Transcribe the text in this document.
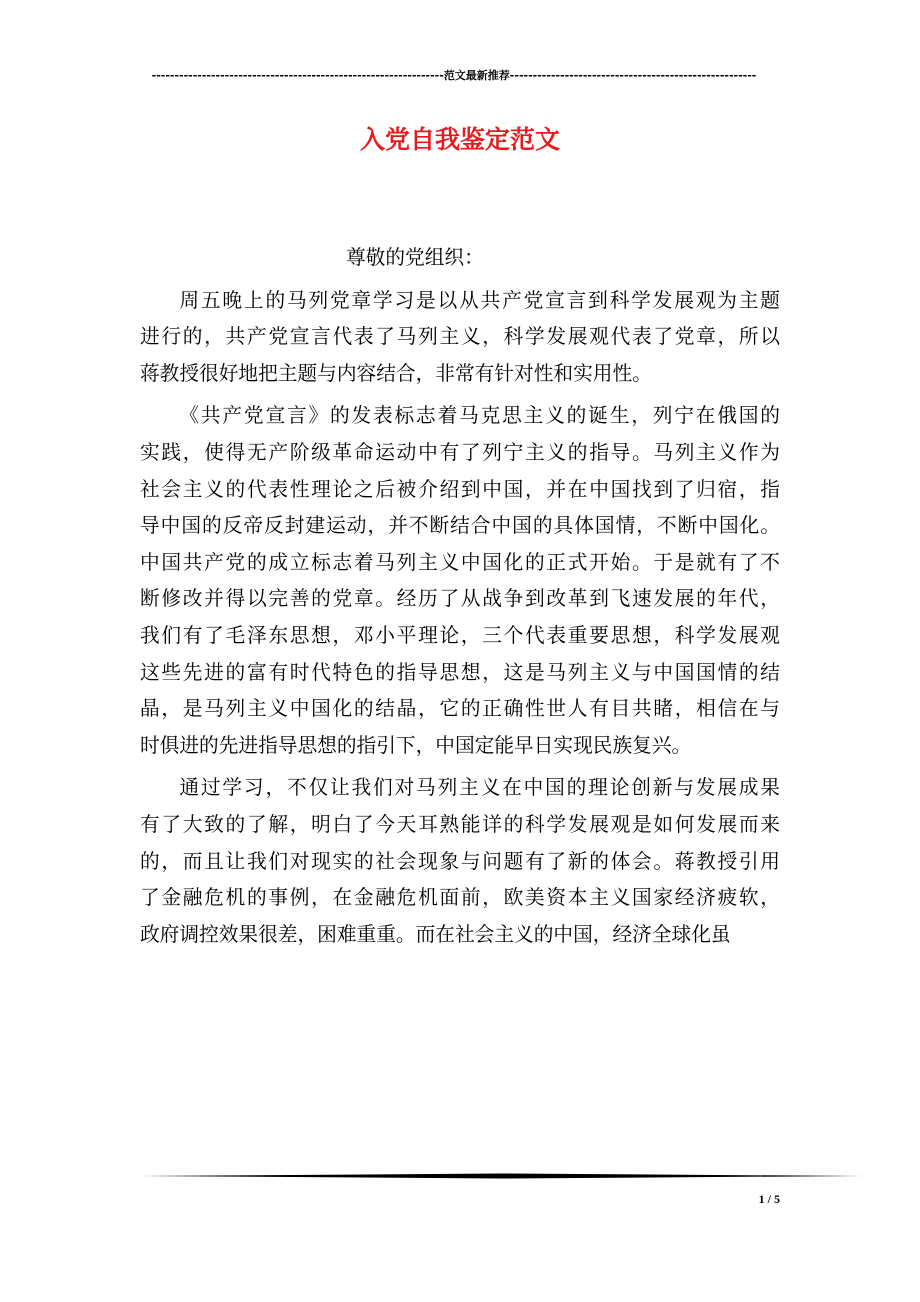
----------------------------------------------------------------范文最新推荐------------------------------------------------------
入党自我鉴定范文

尊敬的党组织：

周五晚上的马列党章学习是以从共产党宣言到科学发展观为主题
进行的，共产党宣言代表了马列主义，科学发展观代表了党章，所以
蒋教授很好地把主题与内容结合，非常有针对性和实用性。
《共产党宣言》的发表标志着马克思主义的诞生，列宁在俄国的
实践，使得无产阶级革命运动中有了列宁主义的指导。马列主义作为
社会主义的代表性理论之后被介绍到中国，并在中国找到了归宿，指
导中国的反帝反封建运动，并不断结合中国的具体国情，不断中国化。
中国共产党的成立标志着马列主义中国化的正式开始。于是就有了不
断修改并得以完善的党章。经历了从战争到改革到飞速发展的年代，
我们有了毛泽东思想，邓小平理论，三个代表重要思想，科学发展观
这些先进的富有时代特色的指导思想，这是马列主义与中国国情的结
晶，是马列主义中国化的结晶，它的正确性世人有目共睹，相信在与
时俱进的先进指导思想的指引下，中国定能早日实现民族复兴。
通过学习，不仅让我们对马列主义在中国的理论创新与发展成果
有了大致的了解，明白了今天耳熟能详的科学发展观是如何发展而来
的，而且让我们对现实的社会现象与问题有了新的体会。蒋教授引用
了金融危机的事例，在金融危机面前，欧美资本主义国家经济疲软，
政府调控效果很差，困难重重。而在社会主义的中国，经济全球化虽
1 / 5
